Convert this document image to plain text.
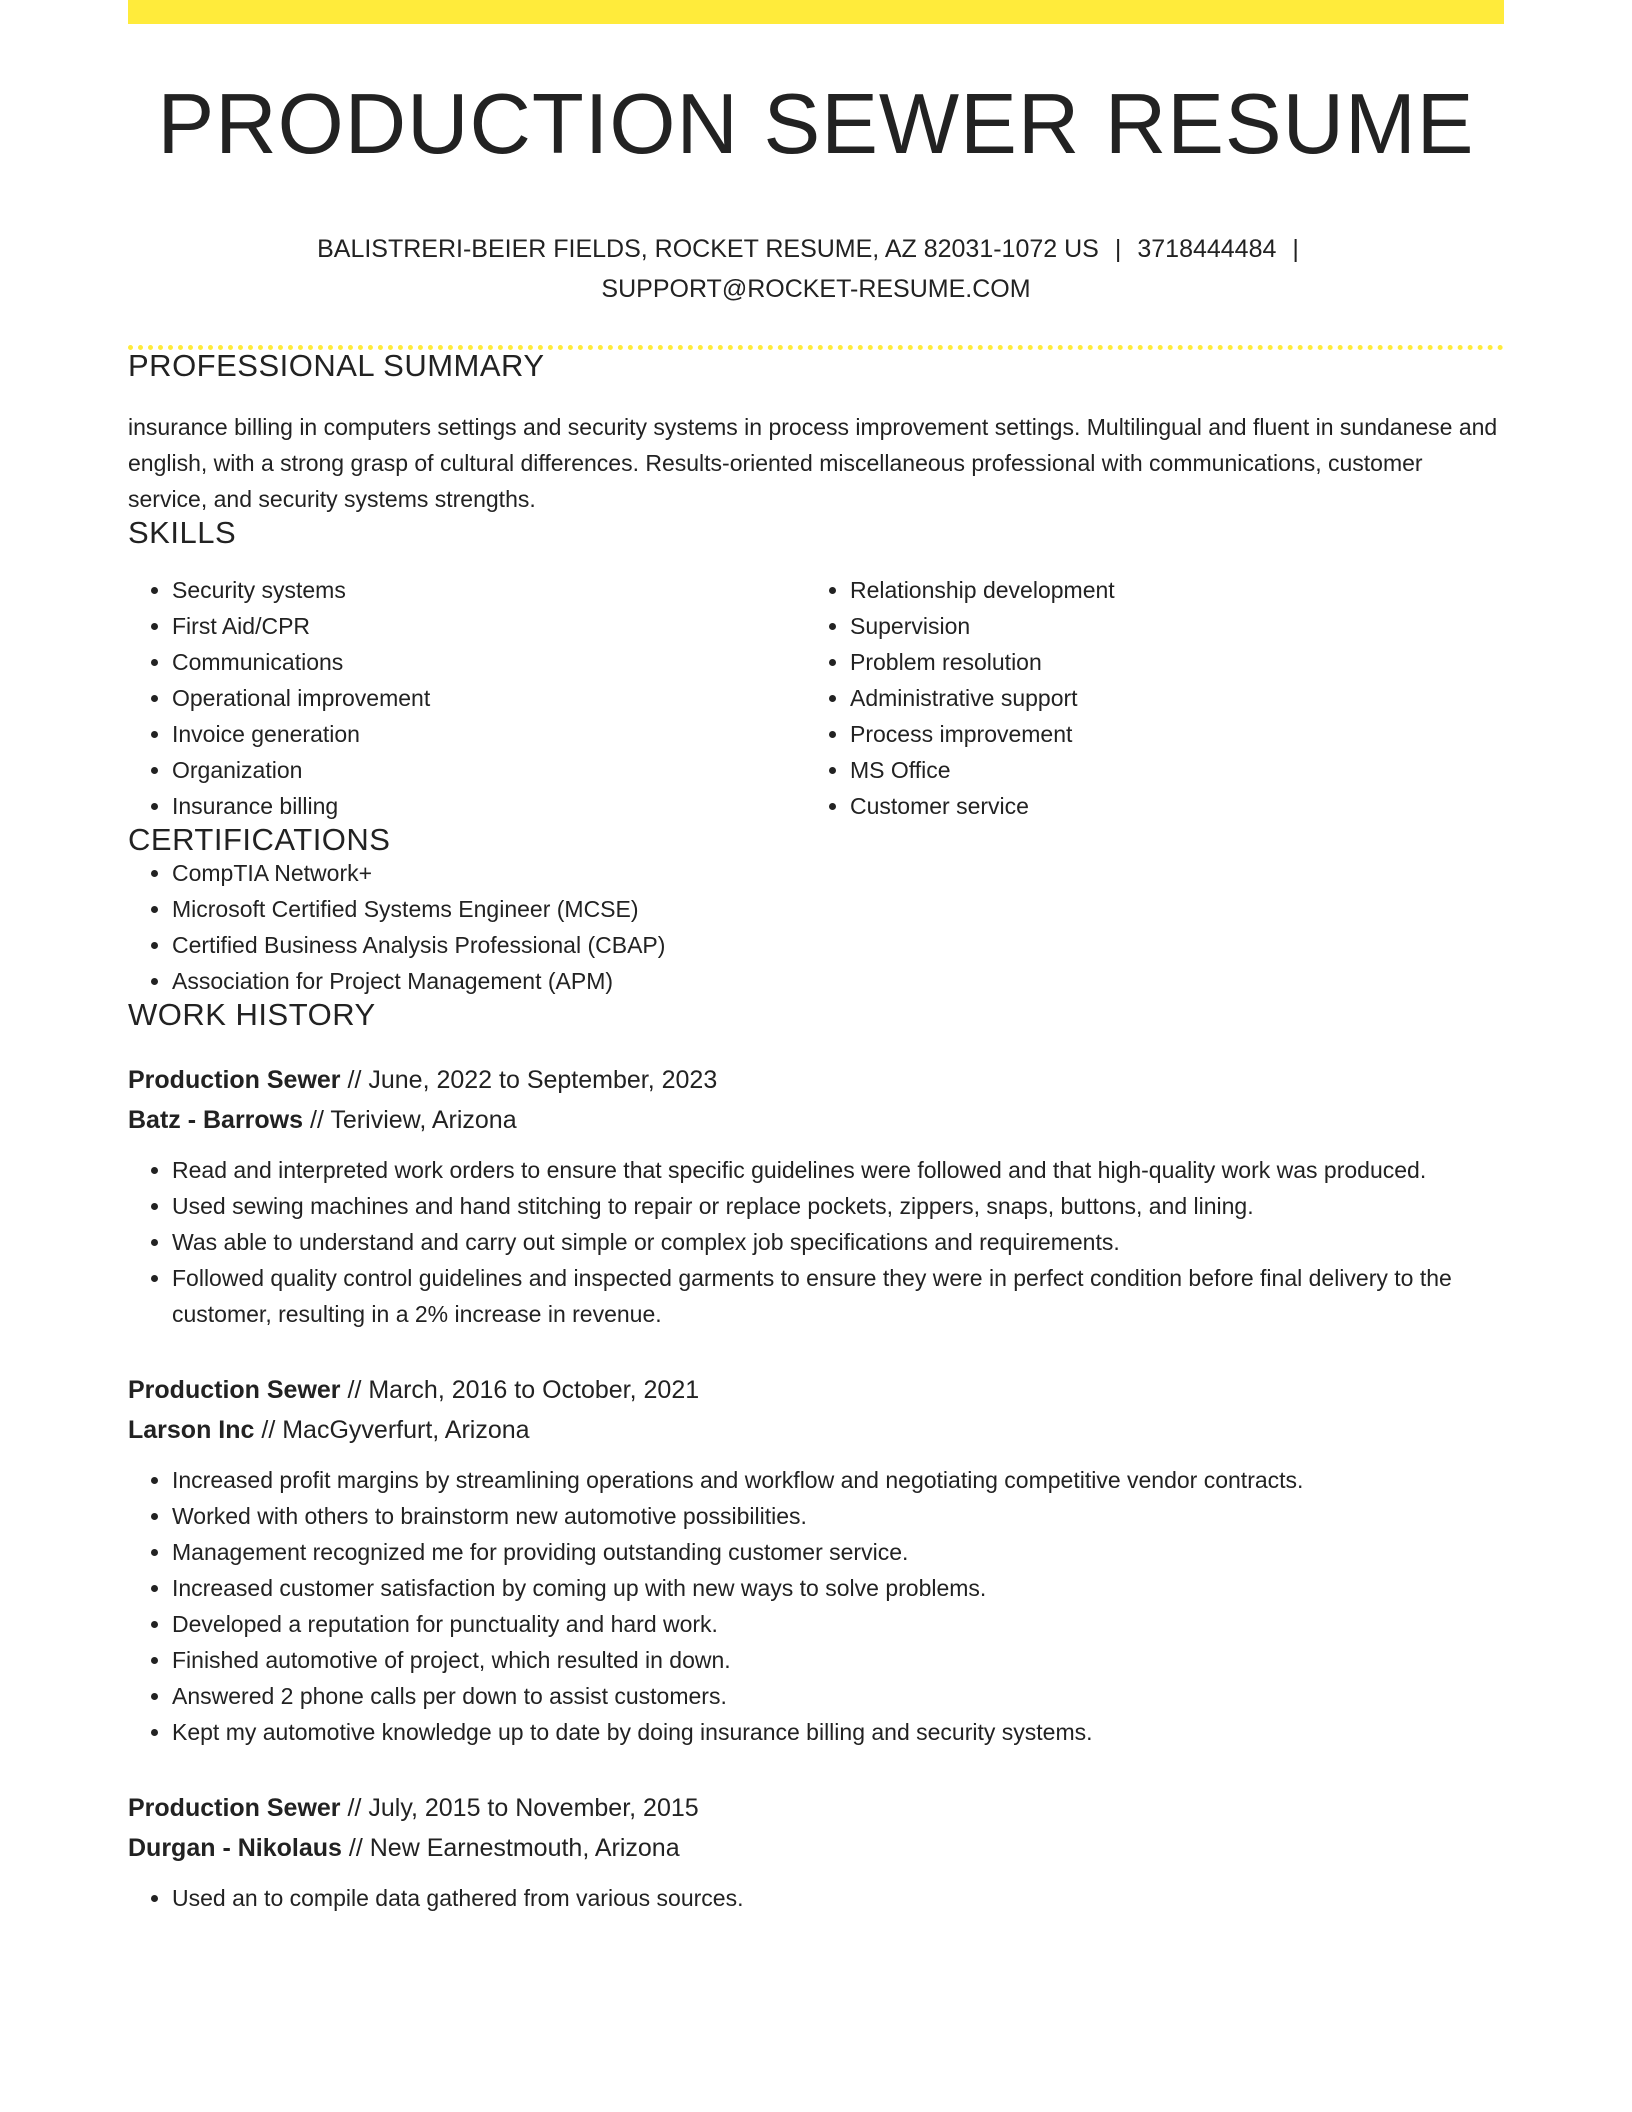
PRODUCTION SEWER RESUME
BALISTRERI-BEIER FIELDS, ROCKET RESUME, AZ 82031-1072 US | 3718444484 |
SUPPORT@ROCKET-RESUME.COM
PROFESSIONAL SUMMARY

insurance billing in computers settings and security systems in process improvement settings. Multilingual and fluent in sundanese and english, with a strong grasp of cultural differences. Results-oriented miscellaneous professional with communications, customer service, and security systems strengths.

SKILLS
• Security systems
• First Aid/CPR
• Communications
• Operational improvement
• Invoice generation
• Organization
• Insurance billing
• Relationship development
• Supervision
• Problem resolution
• Administrative support
• Process improvement
• MS Office
• Customer service
CERTIFICATIONS
• CompTIA Network+
• Microsoft Certified Systems Engineer (MCSE)
• Certified Business Analysis Professional (CBAP)
• Association for Project Management (APM)
WORK HISTORY
Production Sewer // June, 2022 to September, 2023
Batz - Barrows // Teriview, Arizona
• Read and interpreted work orders to ensure that specific guidelines were followed and that high-quality work was produced.
• Used sewing machines and hand stitching to repair or replace pockets, zippers, snaps, buttons, and lining.
• Was able to understand and carry out simple or complex job specifications and requirements.
• Followed quality control guidelines and inspected garments to ensure they were in perfect condition before final delivery to the customer, resulting in a 2% increase in revenue.
Production Sewer // March, 2016 to October, 2021
Larson Inc // MacGyverfurt, Arizona
• Increased profit margins by streamlining operations and workflow and negotiating competitive vendor contracts.
• Worked with others to brainstorm new automotive possibilities.
• Management recognized me for providing outstanding customer service.
• Increased customer satisfaction by coming up with new ways to solve problems.
• Developed a reputation for punctuality and hard work.
• Finished automotive of project, which resulted in down.
• Answered 2 phone calls per down to assist customers.
• Kept my automotive knowledge up to date by doing insurance billing and security systems.
Production Sewer // July, 2015 to November, 2015
Durgan - Nikolaus // New Earnestmouth, Arizona
• Used an to compile data gathered from various sources.
